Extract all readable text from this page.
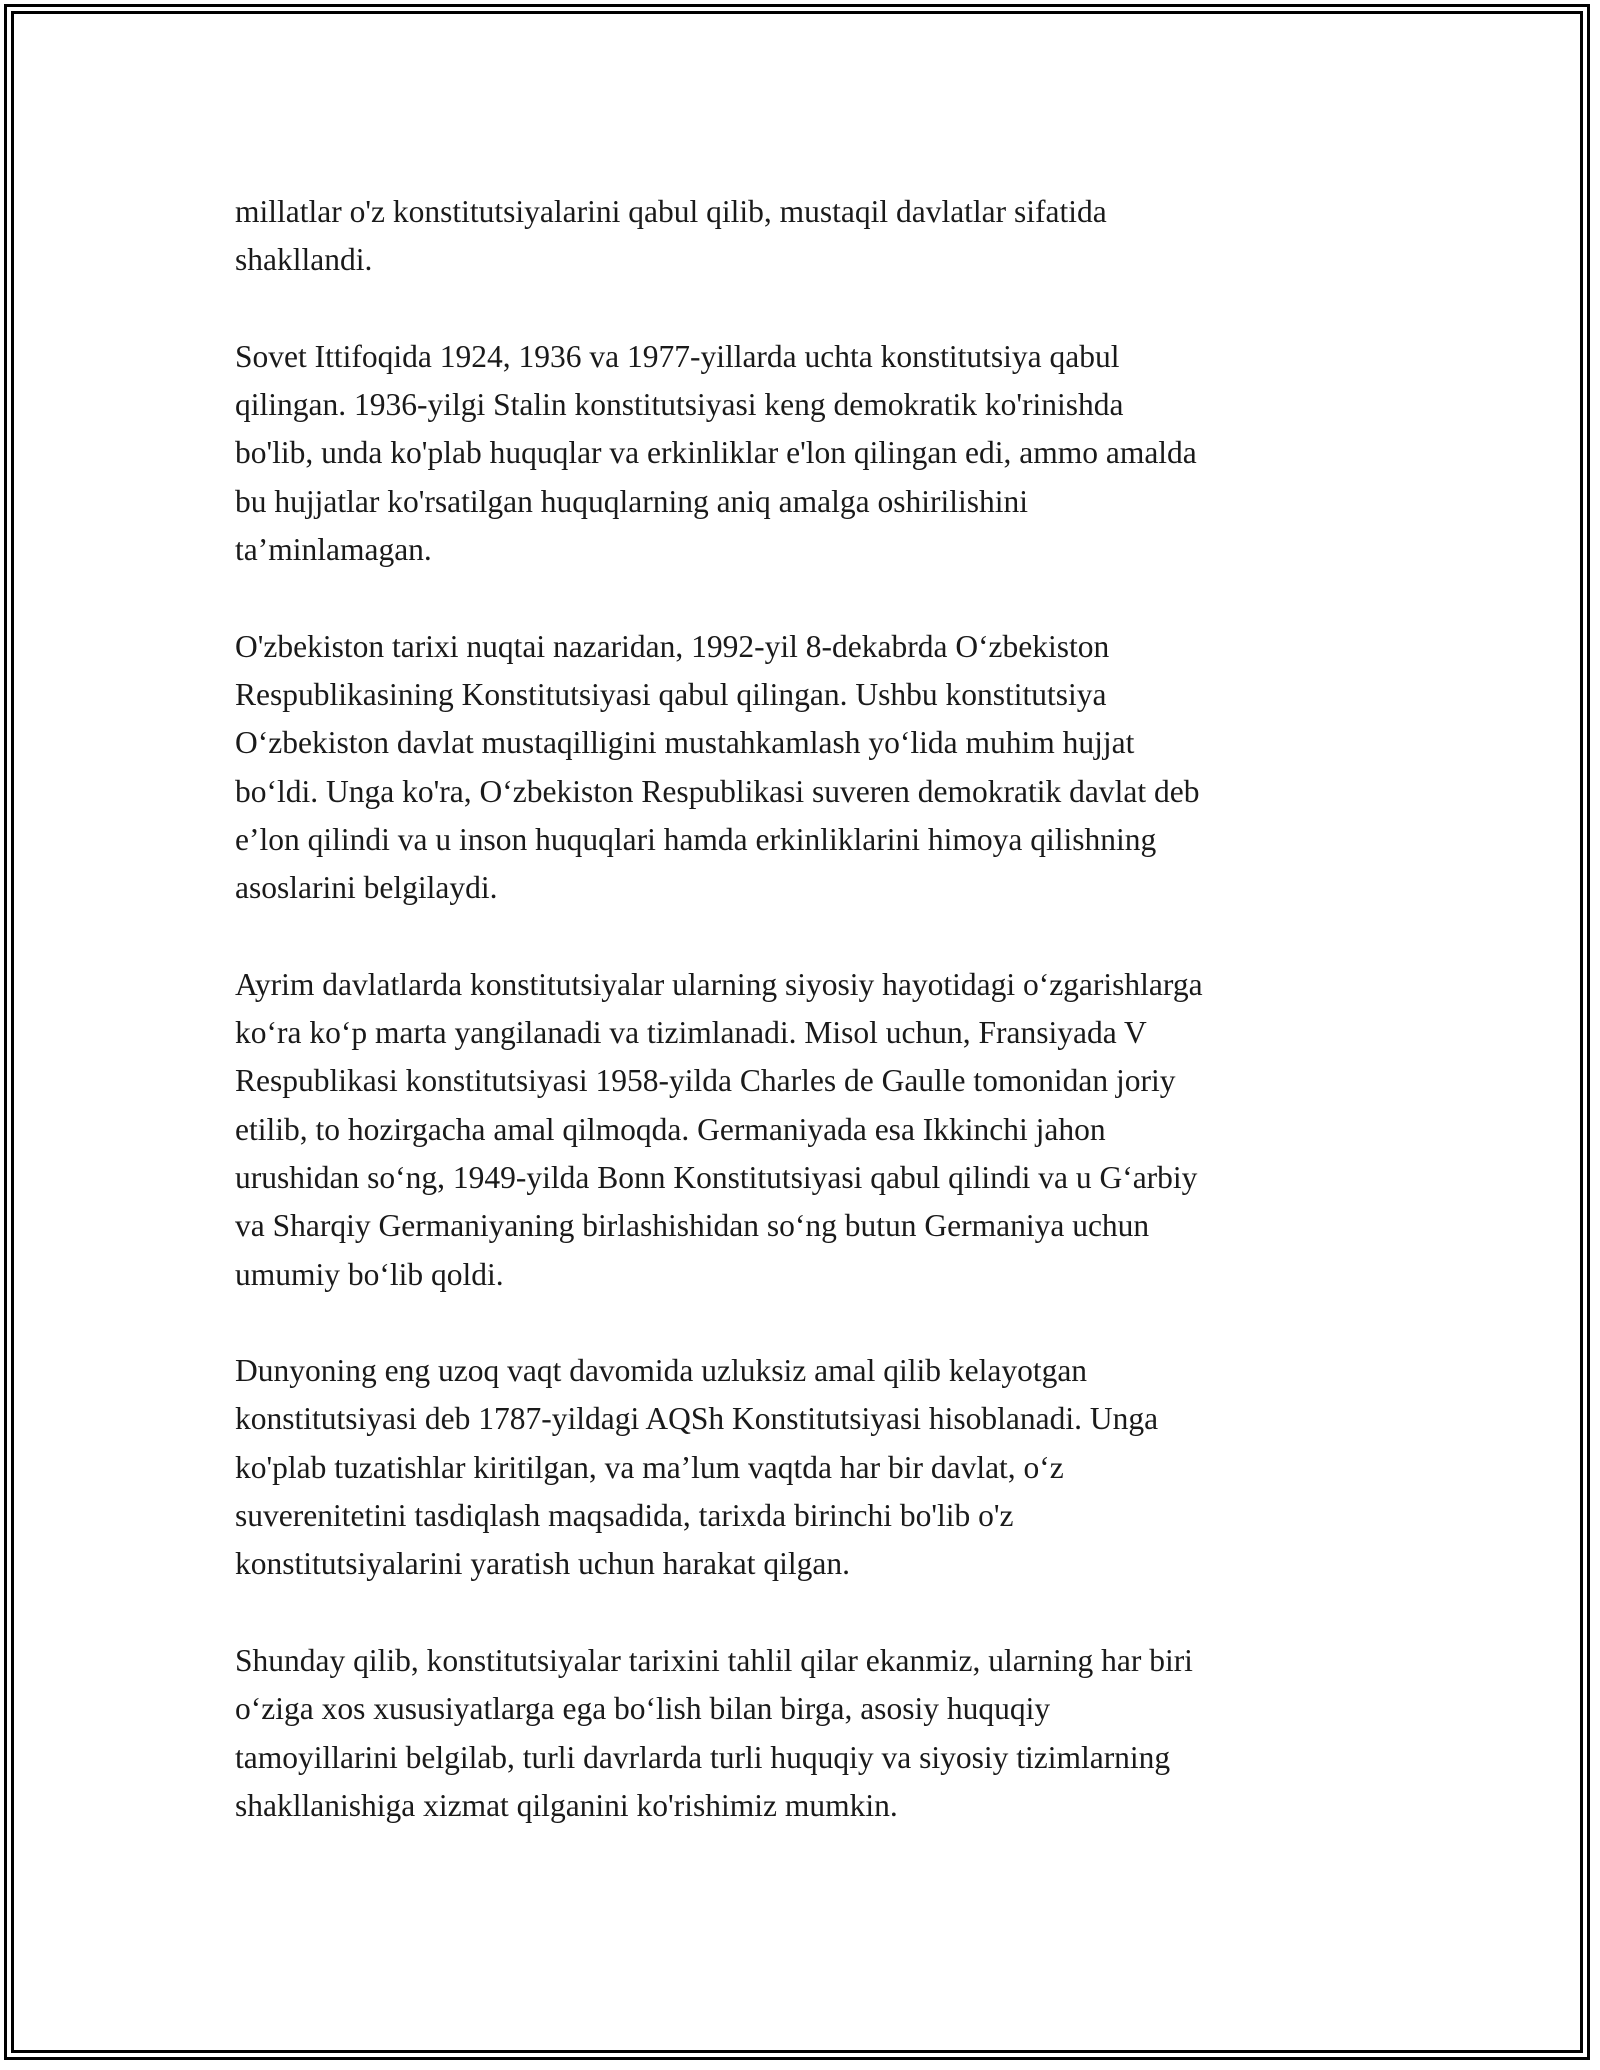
millatlar o'z konstitutsiyalarini qabul qilib, mustaqil davlatlar sifatida
shakllandi.

Sovet Ittifoqida 1924, 1936 va 1977-yillarda uchta konstitutsiya qabul
qilingan. 1936-yilgi Stalin konstitutsiyasi keng demokratik ko'rinishda
bo'lib, unda ko'plab huquqlar va erkinliklar e'lon qilingan edi, ammo amalda
bu hujjatlar ko'rsatilgan huquqlarning aniq amalga oshirilishini
ta’minlamagan.

O'zbekiston tarixi nuqtai nazaridan, 1992-yil 8-dekabrda O‘zbekiston
Respublikasining Konstitutsiyasi qabul qilingan. Ushbu konstitutsiya
O‘zbekiston davlat mustaqilligini mustahkamlash yo‘lida muhim hujjat
bo‘ldi. Unga ko'ra, O‘zbekiston Respublikasi suveren demokratik davlat deb
e’lon qilindi va u inson huquqlari hamda erkinliklarini himoya qilishning
asoslarini belgilaydi.

Ayrim davlatlarda konstitutsiyalar ularning siyosiy hayotidagi o‘zgarishlarga
ko‘ra ko‘p marta yangilanadi va tizimlanadi. Misol uchun, Fransiyada V
Respublikasi konstitutsiyasi 1958-yilda Charles de Gaulle tomonidan joriy
etilib, to hozirgacha amal qilmoqda. Germaniyada esa Ikkinchi jahon
urushidan so‘ng, 1949-yilda Bonn Konstitutsiyasi qabul qilindi va u G‘arbiy
va Sharqiy Germaniyaning birlashishidan so‘ng butun Germaniya uchun
umumiy bo‘lib qoldi.

Dunyoning eng uzoq vaqt davomida uzluksiz amal qilib kelayotgan
konstitutsiyasi deb 1787-yildagi AQSh Konstitutsiyasi hisoblanadi. Unga
ko'plab tuzatishlar kiritilgan, va ma’lum vaqtda har bir davlat, o‘z
suverenitetini tasdiqlash maqsadida, tarixda birinchi bo'lib o'z
konstitutsiyalarini yaratish uchun harakat qilgan.

Shunday qilib, konstitutsiyalar tarixini tahlil qilar ekanmiz, ularning har biri
o‘ziga xos xususiyatlarga ega bo‘lish bilan birga, asosiy huquqiy
tamoyillarini belgilab, turli davrlarda turli huquqiy va siyosiy tizimlarning
shakllanishiga xizmat qilganini ko'rishimiz mumkin.
